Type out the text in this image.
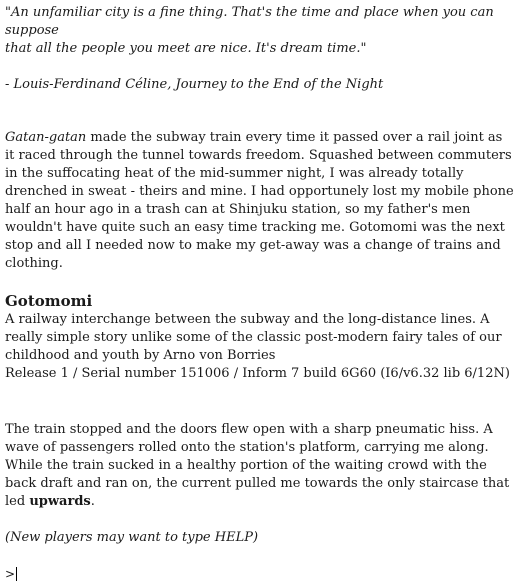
"An unfamiliar city is a fine thing. That's the time and place when you can suppose
that all the people you meet are nice. It's dream time."
- Louis-Ferdinand Céline, Journey to the End of the Night

Gatan-gatan made the subway train every time it passed over a rail joint as it raced through the tunnel towards freedom. Squashed between commuters in the suffocating heat of the mid-summer night, I was already totally drenched in sweat - theirs and mine. I had opportunely lost my mobile phone half an hour ago in a trash can at Shinjuku station, so my father's men wouldn't have quite such an easy time tracking me. Gotomomi was the next stop and all I needed now to make my get-away was a change of trains and clothing.

Gotomomi
A railway interchange between the subway and the long-distance lines. A really simple story unlike some of the classic post-modern fairy tales of our childhood and youth by Arno von Borries
Release 1 / Serial number 151006 / Inform 7 build 6G60 (I6/v6.32 lib 6/12N)

The train stopped and the doors flew open with a sharp pneumatic hiss. A wave of passengers rolled onto the station's platform, carrying me along. While the train sucked in a healthy portion of the waiting crowd with the back draft and ran on, the current pulled me towards the only staircase that led upwards.

(New players may want to type HELP)
>
